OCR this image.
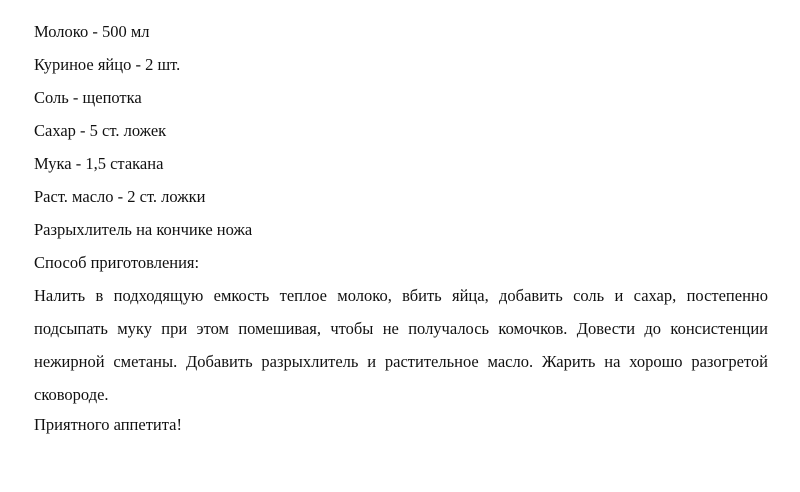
Молоко - 500 мл
Куриное яйцо - 2 шт.
Соль - щепотка
Сахар - 5 ст. ложек
Мука - 1,5 стакана
Раст. масло - 2 ст. ложки
Разрыхлитель на кончике ножа
Способ приготовления:
Налить в подходящую емкость теплое молоко, вбить яйца, добавить соль и сахар, постепенно подсыпать муку при этом помешивая, чтобы не получалось комочков. Довести до консистенции нежирной сметаны. Добавить разрыхлитель и растительное масло. Жарить на хорошо разогретой сковороде.
Приятного аппетита!
